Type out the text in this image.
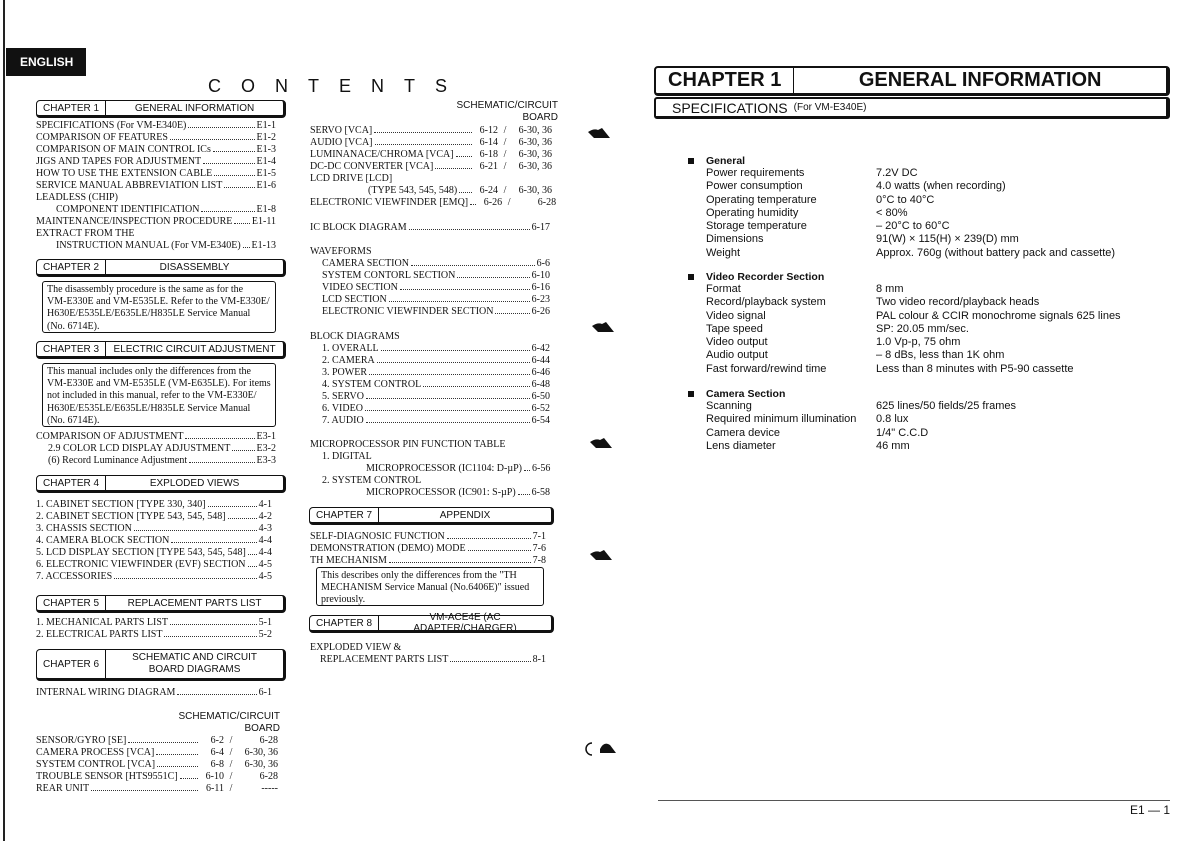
ENGLISH
CONTENTS
CHAPTER 1	GENERAL INFORMATION
SPECIFICATIONS (For VM-E340E)	E1-1
COMPARISON OF FEATURES	E1-2
COMPARISON OF MAIN CONTROL ICs	E1-3
JIGS AND TAPES FOR ADJUSTMENT	E1-4
HOW TO USE THE EXTENSION CABLE	E1-5
SERVICE MANUAL ABBREVIATION LIST	E1-6
LEADLESS (CHIP)
COMPONENT IDENTIFICATION	E1-8
MAINTENANCE/INSPECTION PROCEDURE E1-11
EXTRACT FROM THE
INSTRUCTION MANUAL (For VM-E340E) E1-13
CHAPTER 2	DISASSEMBLY
The disassembly procedure is the same as for the
VM-E330E and VM-E535LE. Refer to the VM-E330E/
H630E/E535LE/E635LE/H835LE Service Manual
(No. 6714E).
CHAPTER 3	ELECTRIC CIRCUIT ADJUSTMENT
This manual includes only the differences from the
VM-E330E and VM-E535LE (VM-E635LE). For items
not included in this manual, refer to the VM-E330E/
H630E/E535LE/E635LE/H835LE Service Manual
(No. 6714E).
COMPARISON OF ADJUSTMENT	E3-1
2.9 COLOR LCD DISPLAY ADJUSTMENT	E3-2
(6) Record Luminance Adjustment	E3-3
CHAPTER 4	EXPLODED VIEWS
1. CABINET SECTION [TYPE 330, 340]	4-1
2. CABINET SECTION [TYPE 543, 545, 548]	4-2
3. CHASSIS SECTION	4-3
4. CAMERA BLOCK SECTION	4-4
5. LCD DISPLAY SECTION [TYPE 543, 545, 548] 4-4
6. ELECTRONIC VIEWFINDER (EVF) SECTION 4-5
7. ACCESSORIES	4-5
CHAPTER 5	REPLACEMENT PARTS LIST
1. MECHANICAL PARTS LIST	5-1
2. ELECTRICAL PARTS LIST	5-2
CHAPTER 6
SCHEMATIC AND CIRCUIT
BOARD DIAGRAMS
INTERNAL WIRING DIAGRAM	6-1
SCHEMATIC/CIRCUIT
BOARD
SENSOR/GYRO [SE]	6-2 /	6-28
CAMERA PROCESS [VCA]	6-4 /	6-30, 36
SYSTEM CONTROL [VCA]	6-8 /	6-30, 36
TROUBLE SENSOR [HTS9551C]	6-10 /	6-28
REAR UNIT	6-11 /	-----
SCHEMATIC/CIRCUIT
BOARD
SERVO [VCA]	6-12 /	6-30, 36
AUDIO [VCA]	6-14 /	6-30, 36
LUMINANACE/CHROMA [VCA]	6-18 /	6-30, 36
DC-DC CONVERTER [VCA]	6-21 /	6-30, 36
LCD DRIVE [LCD]
(TYPE 543, 545, 548)	6-24 /	6-30, 36
ELECTRONIC VIEWFINDER [EMQ]	6-26 /	6-28
IC BLOCK DIAGRAM	6-17
WAVEFORMS
CAMERA SECTION	6-6
SYSTEM CONTORL SECTION	6-10
VIDEO SECTION	6-16
LCD SECTION	6-23
ELECTRONIC VIEWFINDER SECTION	6-26
BLOCK DIAGRAMS
1. OVERALL	6-42
2. CAMERA	6-44
3. POWER	6-46
4. SYSTEM CONTROL	6-48
5. SERVO	6-50
6. VIDEO	6-52
7. AUDIO	6-54
MICROPROCESSOR PIN FUNCTION TABLE
1. DIGITAL
MICROPROCESSOR (IC1104: D-µP) 6-56
2. SYSTEM CONTROL
MICROPROCESSOR (IC901: S-µP) 6-58
CHAPTER 7	APPENDIX
SELF-DIAGNOSIC FUNCTION	7-1
DEMONSTRATION (DEMO) MODE	7-6
TH MECHANISM	7-8
This describes only the differences from the "TH
MECHANISM Service Manual (No.6406E)" issued
previously.
CHAPTER 8	VM-ACE4E (AC ADAPTER/CHARGER)
EXPLODED VIEW &
REPLACEMENT PARTS LIST	8-1
CHAPTER 1	GENERAL INFORMATION
SPECIFICATIONS (For VM-E340E)
General
Power requirements	7.2V DC
Power consumption	4.0 watts (when recording)
Operating temperature	0°C to 40°C
Operating humidity	< 80%
Storage temperature	– 20°C to 60°C
Dimensions	91(W) × 115(H) × 239(D) mm
Weight	Approx. 760g (without battery pack and cassette)
Video Recorder Section
Format	8 mm
Record/playback system	Two video record/playback heads
Video signal	PAL colour & CCIR monochrome signals 625 lines
Tape speed	SP: 20.05 mm/sec.
Video output	1.0 Vp-p, 75 ohm
Audio output	– 8 dBs, less than 1K ohm
Fast forward/rewind time	Less than 8 minutes with P5-90 cassette
Camera Section
Scanning	625 lines/50 fields/25 frames
Required minimum illumination	0.8 lux
Camera device	1/4" C.C.D
Lens diameter	46 mm
E1 — 1
